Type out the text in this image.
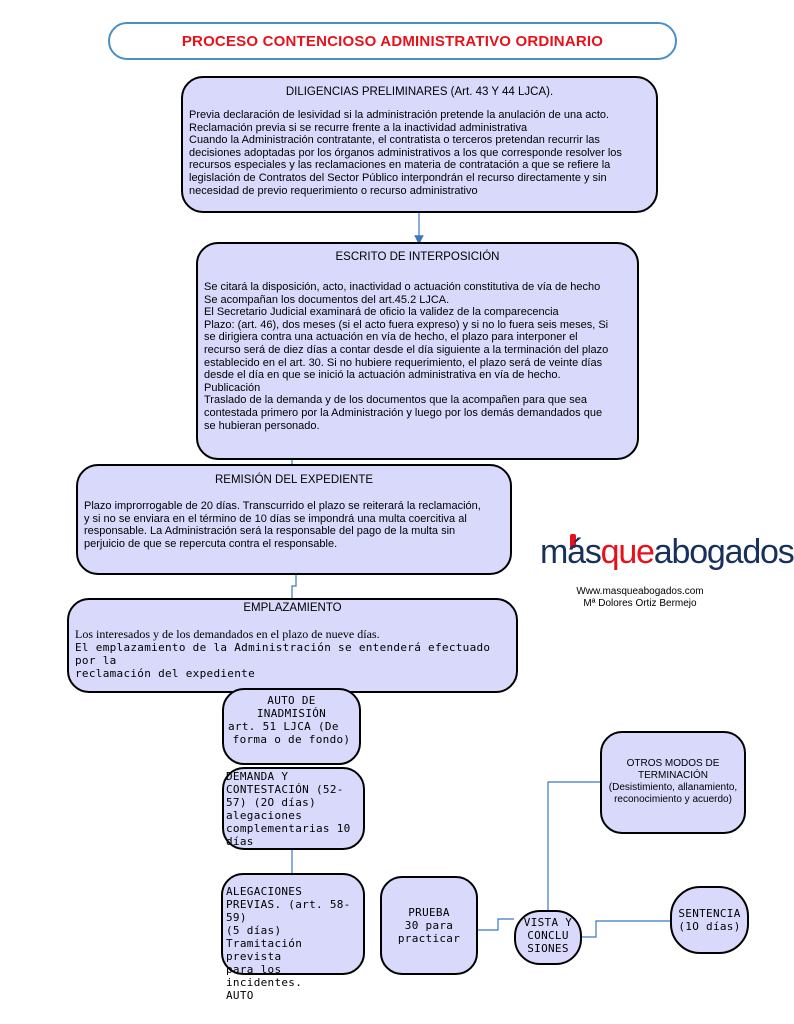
PROCESO CONTENCIOSO ADMINISTRATIVO ORDINARIO
DILIGENCIAS PRELIMINARES (Art. 43 Y 44 LJCA).
Previa declaración de lesividad si la administración pretende la anulación de una acto.
Reclamación previa si se recurre frente a la inactividad administrativa
Cuando la Administración contratante, el contratista o terceros pretendan recurrir las
decisiones adoptadas por los órganos administrativos a los que corresponde resolver los
recursos especiales y las reclamaciones en materia de contratación a que se refiere la
legislación de Contratos del Sector Público interpondrán el recurso directamente y sin
necesidad de previo requerimiento o recurso administrativo
ESCRITO DE INTERPOSICIÓN
Se citará la disposición, acto, inactividad o actuación constitutiva de vía de hecho
Se acompañan los documentos del art.45.2 LJCA.
El Secretario Judicial examinará de oficio la validez de la comparecencia
Plazo: (art. 46), dos meses (si el acto fuera expreso) y si no lo fuera seis meses, Si
se dirigiera contra una actuación en vía de hecho, el plazo para interponer el
recurso será de diez días a contar desde el día siguiente a la terminación del plazo
establecido en el art. 30. Si no hubiere requerimiento, el plazo será de veinte días
desde el día en que se inició la actuación administrativa en vía de hecho.
Publicación
Traslado de la demanda y de los documentos que la acompañen para que sea
contestada primero por la Administración y luego por los demás demandados que
se hubieran personado.
REMISIÓN DEL EXPEDIENTE
Plazo improrrogable de 20 días. Transcurrido el plazo se reiterará la reclamación,
y si no se enviara en el término de 10 días se impondrá una multa coercitiva al
responsable. La Administración será la responsable del pago de la multa sin
perjuicio de que se repercuta contra el responsable.	másqueabogados
Www.masqueabogados.com
Mª Dolores Ortiz Bermejo
EMPLAZAMIENTO
Los interesados y de los demandados en el plazo de nueve días.
El emplazamiento de la Administración se entenderá efectuado por la
reclamación del expediente
AUTO DE
INADMISIÓN
art. 51 LJCA (De
forma o de fondo)
DEMANDA Y
CONTESTACIÓN (52-
57) (2O días)
alegaciones
complementarias 10
días
ALEGACIONES
PREVIAS. (art. 58-59)
(5 días)
Tramitación prevista
para los incidentes.
AUTO
PRUEBA
30 para
practicar
VISTA Y
CONCLU
SIONES
OTROS MODOS DE
TERMINACIÓN
(Desistimiento, allanamiento,
reconocimiento y acuerdo)
SENTENCIA
(1O días)
